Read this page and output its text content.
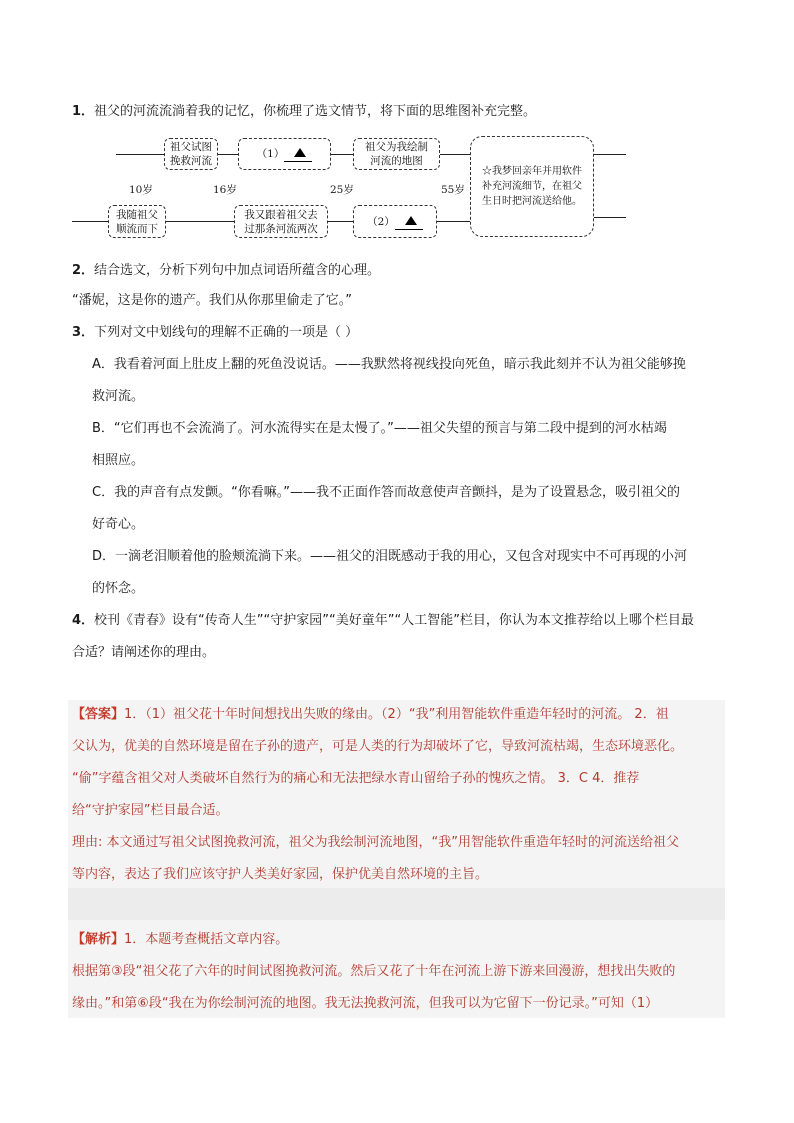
1．祖父的河流流淌着我的记忆，你梳理了选文情节，将下面的思维图补充完整。
祖父试图
挽救河流
（1）
祖父为我绘制
河流的地图
☆我梦回亲年并用软件
补充河流细节，在祖父
生日时把河流送给他。
10岁	16岁	25岁	55岁
我随祖父
顺流而下
我又跟着祖父去
过那条河流两次
（2）
2．结合选文，分析下列句中加点词语所蕴含的心理。
“潘妮，这是你的遗产。我们从你那里偷走了它。”
3．下列对文中划线句的理解不正确的一项是（ ）
A．我看着河面上肚皮上翻的死鱼没说话。——我默然将视线投向死鱼，暗示我此刻并不认为祖父能够挽
救河流。
B．“它们再也不会流淌了。河水流得实在是太慢了。”——祖父失望的预言与第二段中提到的河水枯竭
相照应。
C．我的声音有点发颤。“你看嘛。”——我不正面作答而故意使声音颤抖，是为了设置悬念，吸引祖父的
好奇心。
D．一滴老泪顺着他的脸颊流淌下来。——祖父的泪既感动于我的用心，又包含对现实中不可再现的小河
的怀念。
4．校刊《青春》设有“传奇人生”“守护家园”“美好童年”“人工智能”栏目，你认为本文推荐给以上哪个栏目最
合适？请阐述你的理由。
【答案】1．（1）祖父花十年时间想找出失败的缘由。（2）“我”利用智能软件重造年轻时的河流。 2．祖
父认为，优美的自然环境是留在子孙的遗产，可是人类的行为却破坏了它，导致河流枯竭，生态环境恶化。
“偷”字蕴含祖父对人类破坏自然行为的痛心和无法把绿水青山留给子孙的愧疚之情。 3．C 4．推荐
给“守护家园”栏目最合适。
理由: 本文通过写祖父试图挽救河流，祖父为我绘制河流地图，“我”用智能软件重造年轻时的河流送给祖父
等内容，表达了我们应该守护人类美好家园，保护优美自然环境的主旨。
【解析】1．本题考查概括文章内容。
根据第③段“祖父花了六年的时间试图挽救河流。然后又花了十年在河流上游下游来回漫游，想找出失败的
缘由。”和第⑥段“我在为你绘制河流的地图。我无法挽救河流，但我可以为它留下一份记录。”可知（1）
